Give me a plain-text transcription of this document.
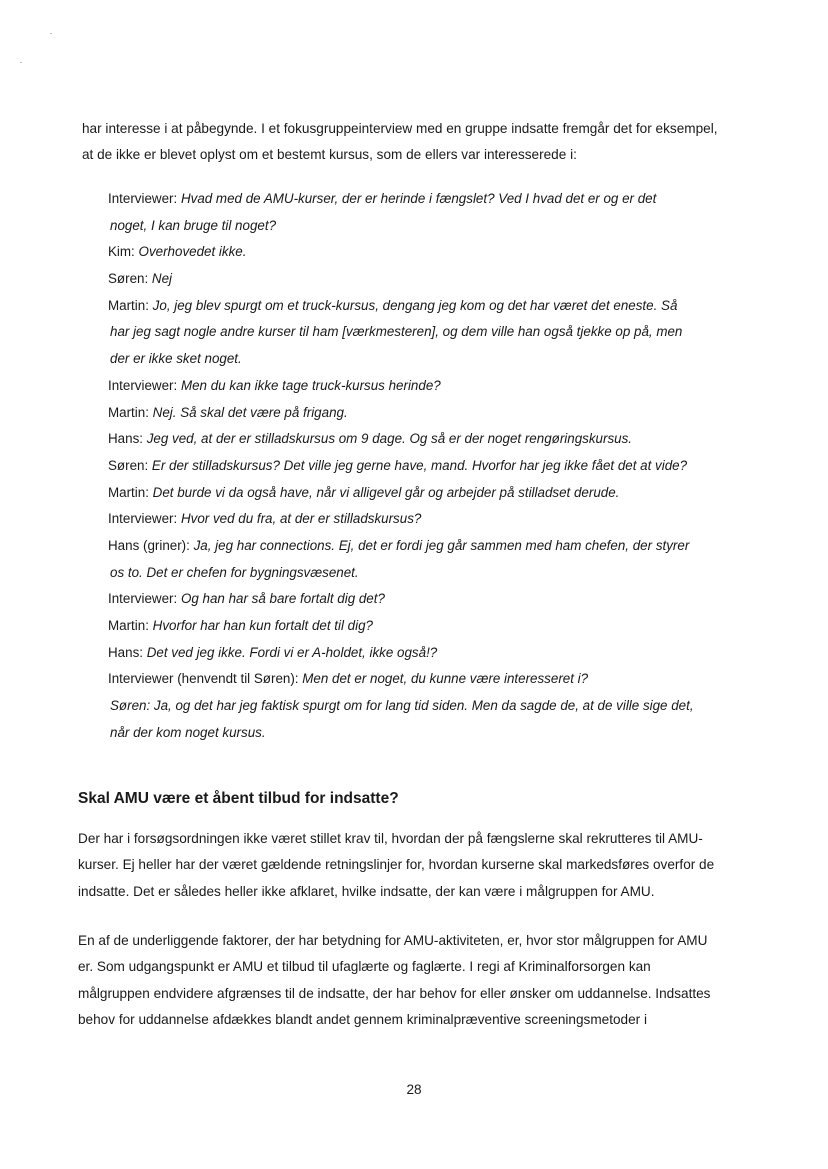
har interesse i at påbegynde. I et fokusgruppeinterview med en gruppe indsatte fremgår det for eksempel,
at de ikke er blevet oplyst om et bestemt kursus, som de ellers var interesserede i:

Interviewer: Hvad med de AMU-kurser, der er herinde i fængslet? Ved I hvad det er og er det
noget, I kan bruge til noget?
Kim: Overhovedet ikke.
Søren: Nej
Martin: Jo, jeg blev spurgt om et truck-kursus, dengang jeg kom og det har været det eneste. Så
har jeg sagt nogle andre kurser til ham [værkmesteren], og dem ville han også tjekke op på, men
der er ikke sket noget.
Interviewer: Men du kan ikke tage truck-kursus herinde?
Martin: Nej. Så skal det være på frigang.
Hans: Jeg ved, at der er stilladskursus om 9 dage. Og så er der noget rengøringskursus.
Søren: Er der stilladskursus? Det ville jeg gerne have, mand. Hvorfor har jeg ikke fået det at vide?
Martin: Det burde vi da også have, når vi alligevel går og arbejder på stilladset derude.
Interviewer: Hvor ved du fra, at der er stilladskursus?
Hans (griner): Ja, jeg har connections. Ej, det er fordi jeg går sammen med ham chefen, der styrer
os to. Det er chefen for bygningsvæsenet.
Interviewer: Og han har så bare fortalt dig det?
Martin: Hvorfor har han kun fortalt det til dig?
Hans: Det ved jeg ikke. Fordi vi er A-holdet, ikke også!?
Interviewer (henvendt til Søren): Men det er noget, du kunne være interesseret i?
Søren: Ja, og det har jeg faktisk spurgt om for lang tid siden. Men da sagde de, at de ville sige det,
når der kom noget kursus.
Skal AMU være et åbent tilbud for indsatte?

Der har i forsøgsordningen ikke været stillet krav til, hvordan der på fængslerne skal rekrutteres til AMU-
kurser. Ej heller har der været gældende retningslinjer for, hvordan kurserne skal markedsføres overfor de
indsatte. Det er således heller ikke afklaret, hvilke indsatte, der kan være i målgruppen for AMU.

En af de underliggende faktorer, der har betydning for AMU-aktiviteten, er, hvor stor målgruppen for AMU
er. Som udgangspunkt er AMU et tilbud til ufaglærte og faglærte. I regi af Kriminalforsorgen kan
målgruppen endvidere afgrænses til de indsatte, der har behov for eller ønsker om uddannelse. Indsattes
behov for uddannelse afdækkes blandt andet gennem kriminalpræventive screeningsmetoder i

28
